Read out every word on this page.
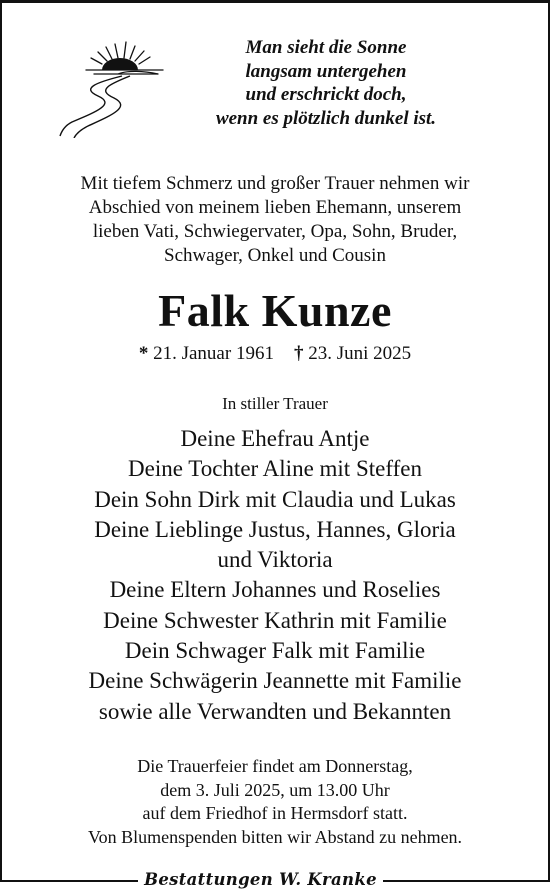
Man sieht die Sonne
langsam untergehen
und erschrickt doch,
wenn es plötzlich dunkel ist.
Mit tiefem Schmerz und großer Trauer nehmen wir
Abschied von meinem lieben Ehemann, unserem
lieben Vati, Schwiegervater, Opa, Sohn, Bruder,
Schwager, Onkel und Cousin
Falk Kunze
* 21. Januar 1961 † 23. Juni 2025
In stiller Trauer
Deine Ehefrau Antje
Deine Tochter Aline mit Steffen
Dein Sohn Dirk mit Claudia und Lukas
Deine Lieblinge Justus, Hannes, Gloria
und Viktoria
Deine Eltern Johannes und Roselies
Deine Schwester Kathrin mit Familie
Dein Schwager Falk mit Familie
Deine Schwägerin Jeannette mit Familie
sowie alle Verwandten und Bekannten
Die Trauerfeier findet am Donnerstag,
dem 3. Juli 2025, um 13.00 Uhr
auf dem Friedhof in Hermsdorf statt.
Von Blumenspenden bitten wir Abstand zu nehmen.
Bestattungen W. Kranke
